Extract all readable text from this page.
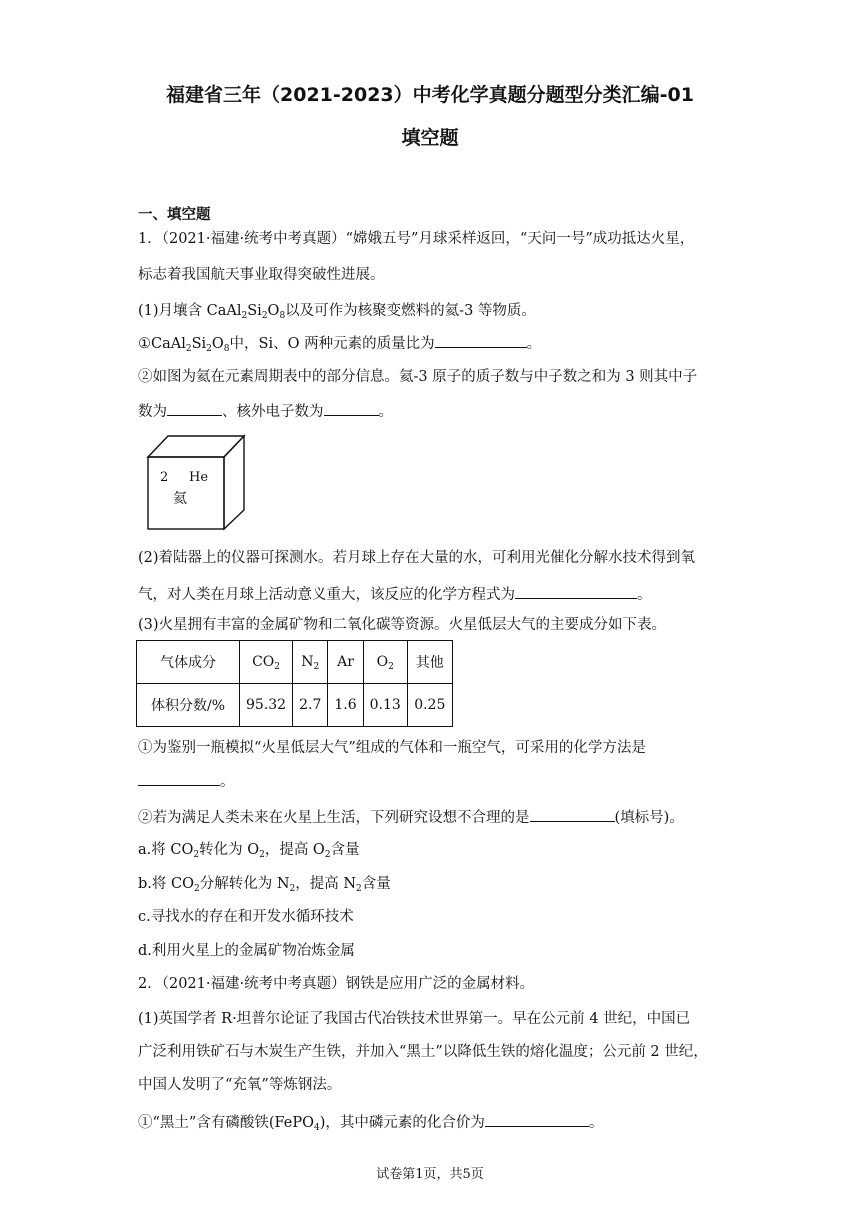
福建省三年（2021-2023）中考化学真题分题型分类汇编-01
填空题
一、填空题
1．（2021·福建·统考中考真题）“嫦娥五号”月球采样返回，“天问一号”成功抵达火星，
标志着我国航天事业取得突破性进展。
(1)月壤含 $CaAl_2Si_2O_8$以及可作为核聚变燃料的氦-3 等物质。
$①CaAl_2Si_2O_8$中，Si、O 两种元素的质量比为	。
②如图为氦在元素周期表中的部分信息。氦-3 原子的质子数与中子数之和为 3 则其中子
数为	、核外电子数为	。
2 He
氦
(2)着陆器上的仪器可探测水。若月球上存在大量的水，可利用光催化分解水技术得到氧
气，对人类在月球上活动意义重大，该反应的化学方程式为	。
(3)火星拥有丰富的金属矿物和二氧化碳等资源。火星低层大气的主要成分如下表。
气体成分	$CO_2$	$N_2$	Ar	$O_2$	其他
体积分数/%	95.32	2.7	1.6	0.13	0.25
①为鉴别一瓶模拟“火星低层大气”组成的气体和一瓶空气，可采用的化学方法是
。
②若为满足人类未来在火星上生活，下列研究设想不合理的是	(填标号)。
a.将 $CO_2$转化为 $O_2$，提高 $O_2$含量
b.将 $CO_2$分解转化为 $N_2$，提高 $N_2$含量
c.寻找水的存在和开发水循环技术
d.利用火星上的金属矿物冶炼金属
2．（2021·福建·统考中考真题）钢铁是应用广泛的金属材料。
(1)英国学者 R·坦普尔论证了我国古代冶铁技术世界第一。早在公元前 4 世纪，中国已
广泛利用铁矿石与木炭生产生铁，并加入“黑土”以降低生铁的熔化温度；公元前 2 世纪，
中国人发明了“充氧”等炼钢法。
①“黑土”含有磷酸铁(FePO$_4$)，其中磷元素的化合价为	。
试卷第1页，共5页
